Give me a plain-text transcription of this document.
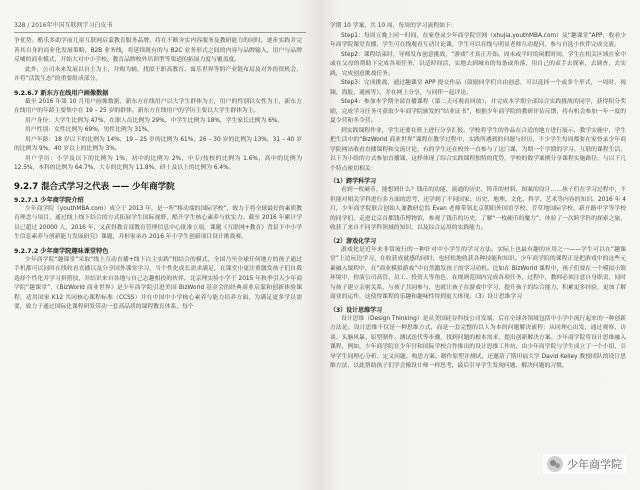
328 / 2016年中国互联网学习白皮书

争优势。酷乐多助学前儿童互联网启蒙教育服务品牌，将在不断夯实内容服务及教研能力的同时，逐步实践并完善其自身的商业化发展策略，B2B 业务线，将延续既有的与 B2C 业务形式之间的内容与品牌输入，用户与品牌反哺的商业模式，开始大对中小学校、教育品牌校外培训型等渠道的拓展力度与覆盖度。

此外，公司未来发展以自主为主，并购为辅，找拟于职高教育、寓乐世界等的产业链布局及对外投资机会，并将“活泼生态”的重要组成部分。

9.2.6.7 新东方在线用户画像数据

截至 2016 年第 10 月用户画像数据，新东方在线用户以大学生群体为主，用户的性别以女性为主，新东方在线用户的年龄主要集中在 19 – 25 岁的群体。新东方在线用户的学历主要以大学生群体为主。

用户身份：大学生比例为 47%，在职人员比例为 29%，中学生比例为 18%，学生家长比例为 6%。

用户性别：女性比例为 69%，男性比例为 31%。

用户年龄：18 岁以下的比例为 14%，19 – 25 岁的比例为 61%，26 – 30 岁的比例为 13%，31 – 40 岁的比例为 9%，40 岁以上的比例为 3%。

用户学历：小学及以下的比例为 1%，初中的比例为 2%，中专/技校的比例为 1.6%，高中的比例为 12.5%，本科的比例为 64.7%，大专的比例为 11.8%，研士及以上的比例为 6.4%。

9.2.7 混合式学习之代表 —— 少年商学院
9.2.7.1 少年商学院介绍

少年商学院（youthMBA.com）成立于 2013 年，是一所“移动端的国际学校”，致力于将全球最好的素质教育理念与项目，通过线上线下结合的方式拓展学生国际视野，酷升学生核心素养与软实力。截至 2016 年累计学员已超过 20000 人，2016 年，又获得教育部教育管理信息中心批准立项，课题《互联网+教育》背景下中小学生信息素养与创新能力发展研究》课题，并担家承办 2016 年小学生创新项目设计挑战赛。

9.2.7.2 少年商学院趣味课堂特色

少年商学院“趣课堂”采取“线上互动直播+线下自主实践”相结合的模式，全国乃至全球任何地方的孩子通过手机都可以同时在线收看直播以及分享国外课堂学习，当个性化成长需求满足，在课堂中更注重激发孩子们自我选择个性化并学习拼搭技，并结识来自各地与自己志趣相投的伙伴。北京理实验小学于 2015 年秋季引入少年商学院“趣课堂”，《BizWorld 商业世界》是少年商学院引进美国 BizWorld 基金会的经典商业启蒙和创新体验课程，适用国家 K12 共同核心课程标准（CCSS）并在中国中小学核心素养与能力培养方面，为满足更多学员需要，致力于通过国际化课程研发带动一套高品质的课程教育体系，每个

学期 10 学案，共 10 周，每周的学习流程如下：

Step1：每周五晚上同一时间，在家登录少年商学院官网（xhujia.youthMBA.com）及“趣课堂”APP，收看少年商学院课堂直播，学生可在线观看互动讨论课，学生可以在线与明显老师互动提问，参与自选小伙伴完成交流。

Step2：课程结束时，导师发布创意挑战，“游戏”才真正开始。周末或平时的闲暇时间，学生在相关区域在家中或在父母的帮助下完成各项任务，以适时间活，实地去到城市的每条或角落，用自己的双手去探索，去调查，去实践，完成创意挑战任务。

Step3：完成挑战，通过趣课堂 APP 提交作品（鼓励同学们自由创意，可以选择一个或多个形式，一周时，视频，海报，通画等），并在网上分享，与同伴一起评论。

Step4：参加本学期全部直播课程（第二天可观看回放），并完成本学期全部综合实践挑战的同学，获得积分奖励，完成学习任务可获取少年商学院颁发的“结业证书”，根据少年商学院的教研评估反馈，将有机会参加一年一度的夏令营和冬令营。

到实践课程作业，学生还要在班上进行分享汇报。学校将学生的作品在合适的地方进行展示，教学实施中，学生把生活中的“BizWorld 商业世界”课程在教学过程中，实践所遇到的问题与经历，不少学生每周都要在家登录少年商学院网站收看直播课程和交流讨论，有的学生还在校外一直参与了这门课，为期一个学期的学习、互联的课程生活，以下为小组的方式参加直播课，这样体现了综合实践课程独特的优势，学校的数学案例分享课程实施路径，与以下几个特点密切相关：

（1）跨学科学习

看到一枚硬币，能想到什么？钱币的功能、流通的历史、铸币的材料、图案的设计……孩子们在学习过程中，不但能对相关学科进行多方面的思考，还学到了不同国家、历史、地理、文化、科学、艺术等内容的知识。2016 年 4 月，少年商学院联合创始人兼教研总监 Evan 老师带领北京朝阳外国语学校、芳草地国际学校、新开路中学等学校的同学们，走进北京首都钱币博物馆，参观了钱币的历史，了解“一枚硬币的魔力”，体验了一次跨学科的探索之旅，收获了来自不同学科领域的知识，以及综合运用的实践能力。

（2）游戏化学习

游戏化是近年来非常流行的一种针对中小学生的学习方法。实际上也最有趣的应用之一——学生可以在“趣课堂”上边玩边学习，在收获成就感的同时，也轻松地收获各种技能和知识。少年商学院的课程正是把游戏中的这些元素融入课程中，在“商业模拟游戏”中自然激发孩子的学习动机。比如在 BizWorld 课程中，孩子们要在一个模拟小镇环境中，扮演公司高管、员工、投资人等角色，在规则范围内完成各项任务，过程中，教师必须注意自身职责，同时与孩子建立亲密关系，与孩子共同参与，也就让孩子在游戏中学习，提升孩子的综合能力，积累更多经验，更加了解商业的运作，这使得课程的乐趣和趣味性得到更大体现。（3）设计思维学习

（3）设计思维学习

设计思维（Design Thinking）是从美国硅谷科技公司发端，后在全球各领域包括中小学中流行起来的一种创新方法论。设计思维不仅是一种思维方式，而是一套完整的以人为本的问题解决流程：从同理心出发，通过观察、访谈、头脑风暴、原型制作、测试迭代等步骤，找到问题的根本需求，提出创新解决方案。少年商学院将设计思维融入课程，例如，少年商学院在少年宫和国际学校合作推出的设计思维工作坊，由少年商学院与学生成立了一个小组，引导学生同理心分析、定义问题、构思方案、制作原型并测试，还邀请了斯坦福大学 David Kelley 教授团队的设计思维方法，以此帮助孩子们学会像设计师一样思考，最后引导学生发现问题、解决问题的习惯。

少年商学院
